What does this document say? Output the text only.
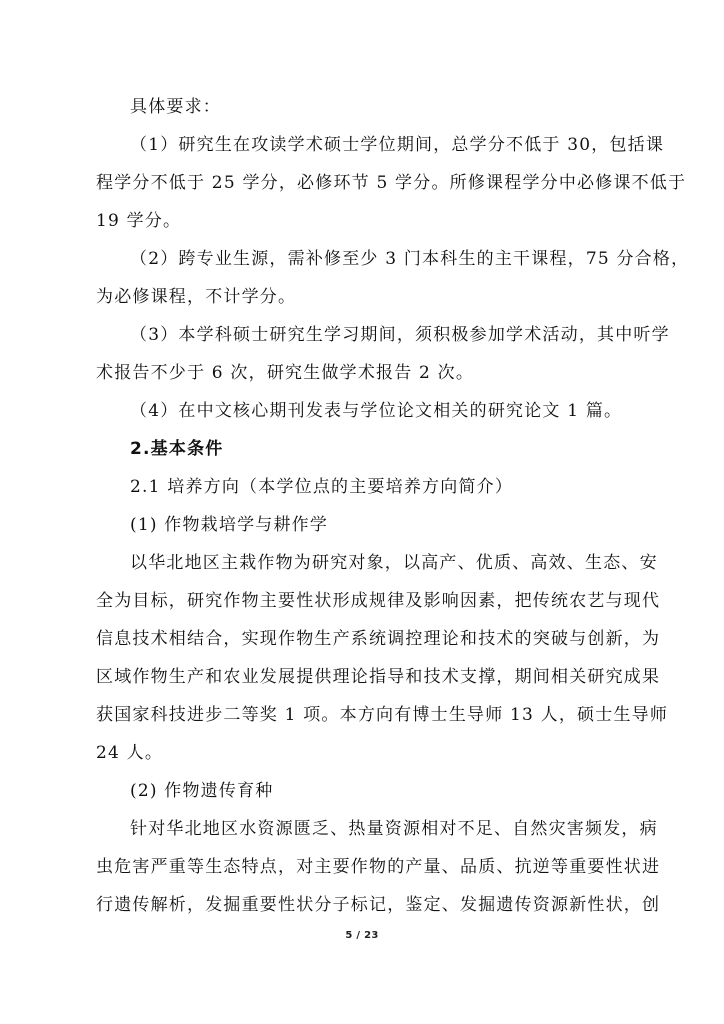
具体要求：

（1）研究生在攻读学术硕士学位期间，总学分不低于 30，包括课
程学分不低于 25 学分，必修环节 5 学分。所修课程学分中必修课不低于
19 学分。

（2）跨专业生源，需补修至少 3 门本科生的主干课程，75 分合格，
为必修课程，不计学分。

（3）本学科硕士研究生学习期间，须积极参加学术活动，其中听学
术报告不少于 6 次，研究生做学术报告 2 次。

（4）在中文核心期刊发表与学位论文相关的研究论文 1 篇。

2.基本条件

2.1 培养方向（本学位点的主要培养方向简介）

(1) 作物栽培学与耕作学

以华北地区主栽作物为研究对象，以高产、优质、高效、生态、安
全为目标，研究作物主要性状形成规律及影响因素，把传统农艺与现代
信息技术相结合，实现作物生产系统调控理论和技术的突破与创新，为
区域作物生产和农业发展提供理论指导和技术支撑，期间相关研究成果
获国家科技进步二等奖 1 项。本方向有博士生导师 13 人，硕士生导师
24 人。

(2) 作物遗传育种

针对华北地区水资源匮乏、热量资源相对不足、自然灾害频发，病
虫危害严重等生态特点，对主要作物的产量、品质、抗逆等重要性状进
行遗传解析，发掘重要性状分子标记，鉴定、发掘遗传资源新性状，创

5 / 23
